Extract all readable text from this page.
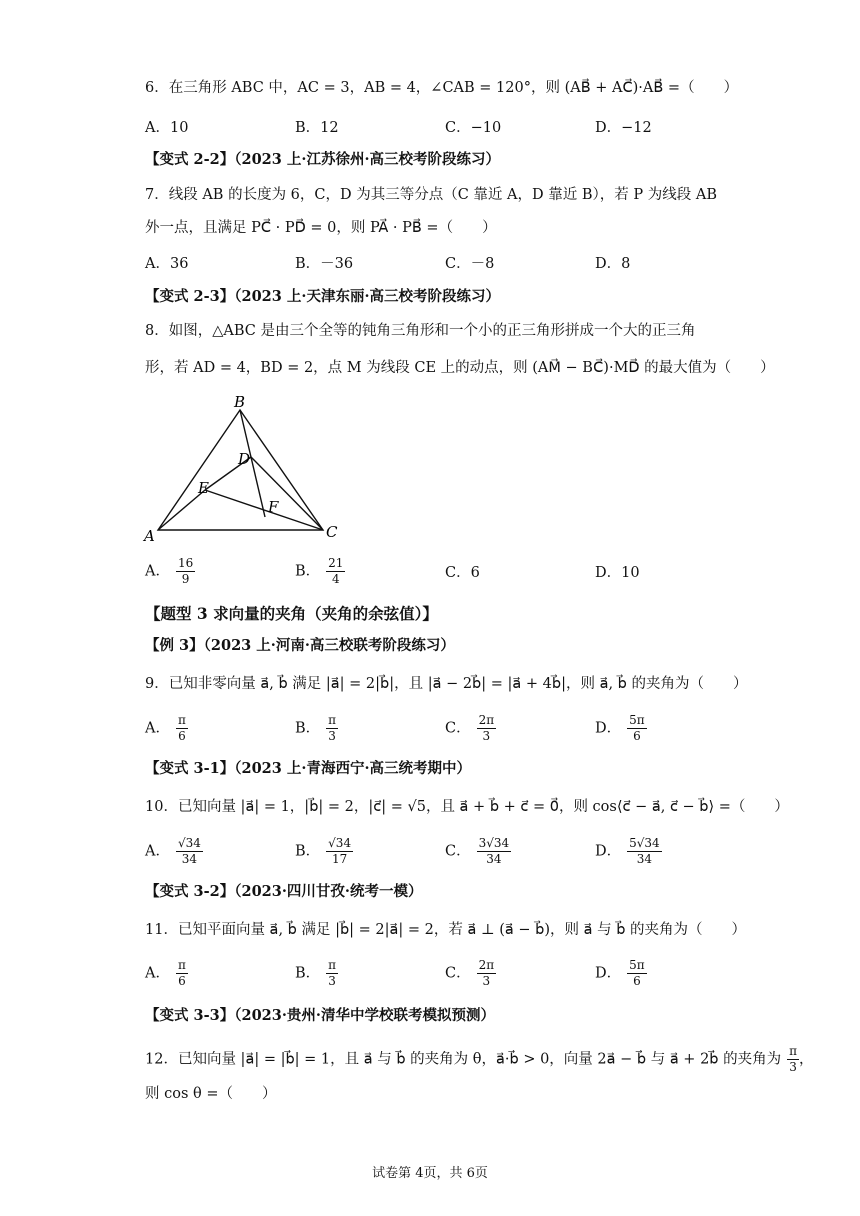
6．在三角形 ABC 中，AC = 3，AB = 4，∠CAB = 120°，则 (AB⃗ + AC⃗)·AB⃗ =（　　）
A．10	B．12	C．−10	D．−12
【变式 2-2】（2023 上·江苏徐州·高三校考阶段练习）
7．线段 AB 的长度为 6，C，D 为其三等分点（C 靠近 A，D 靠近 B），若 P 为线段 AB
外一点，且满足 PC⃗ · PD⃗ = 0，则 PA⃗ · PB⃗ =（　　）
A．36	B．－36	C．－8	D．8
【变式 2-3】（2023 上·天津东丽·高三校考阶段练习）
8．如图，△ABC 是由三个全等的钝角三角形和一个小的正三角形拼成一个大的正三角
形，若 AD = 4，BD = 2，点 M 为线段 CE 上的动点，则 (AM⃗ − BC⃗)·MD⃗ 的最大值为（　　）
B
D
E
F
A	C
A． $\frac{16}{9}$	B． $\frac{21}{4}$	C．6	D．10
【题型 3 求向量的夹角（夹角的余弦值）】
【例 3】（2023 上·河南·高三校联考阶段练习）
9．已知非零向量 a⃗, b⃗ 满足 |a⃗| = 2|b⃗|，且 |a⃗ − 2b⃗| = |a⃗ + 4b⃗|，则 a⃗, b⃗ 的夹角为（　　）
A． $\frac{\pi}{6}$	B． $\frac{\pi}{3}$	C． $\frac{2\pi}{3}$	D． $\frac{5\pi}{6}$
【变式 3-1】（2023 上·青海西宁·高三统考期中）
10．已知向量 |a⃗| = 1，|b⃗| = 2，|c⃗| = √5，且 a⃗ + b⃗ + c⃗ = 0⃗，则 cos⟨c⃗ − a⃗, c⃗ − b⃗⟩ =（　　）
A． $\frac{√34}{34}$	B． $\frac{√34}{17}$	C． $\frac{3√34}{34}$	D． $\frac{5√34}{34}$
【变式 3-2】（2023·四川甘孜·统考一模）
11．已知平面向量 a⃗, b⃗ 满足 |b⃗| = 2|a⃗| = 2，若 a⃗ ⊥ (a⃗ − b⃗)，则 a⃗ 与 b⃗ 的夹角为（　　）
A． $\frac{\pi}{6}$	B． $\frac{\pi}{3}$	C． $\frac{2\pi}{3}$	D． $\frac{5\pi}{6}$
【变式 3-3】（2023·贵州·清华中学校联考模拟预测）
12．已知向量 |a⃗| = |b⃗| = 1，且 a⃗ 与 b⃗ 的夹角为 θ，a⃗·b⃗ > 0，向量 2a⃗ − b⃗ 与 a⃗ + 2b⃗ 的夹角为 $\frac{\pi}{3}$ ，
则 cos θ =（　　）
试卷第 4页，共 6页
